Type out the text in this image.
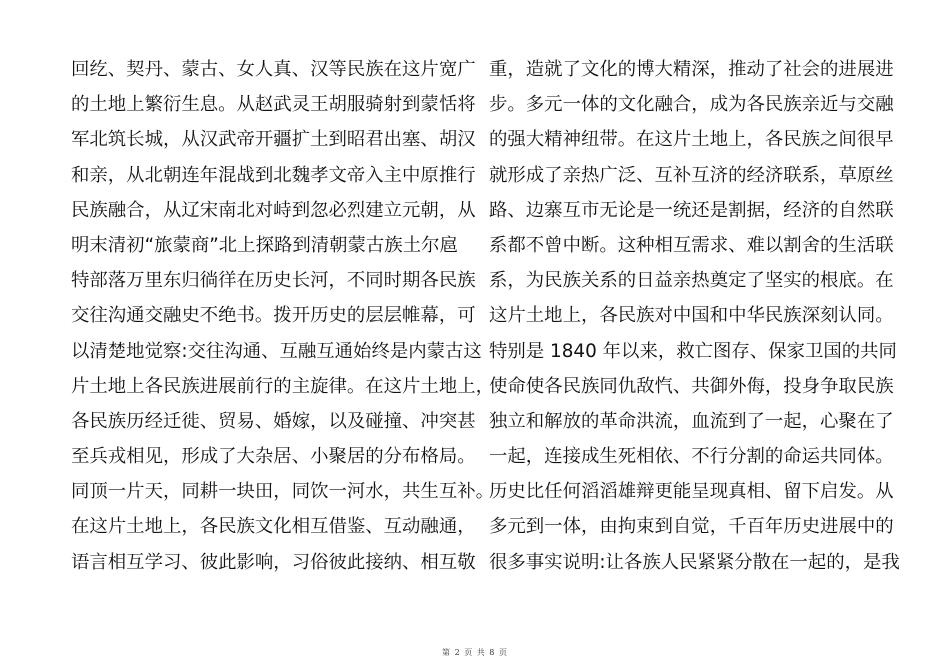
回纥、契丹、蒙古、女人真、汉等民族在这片宽广
的土地上繁衍生息。从赵武灵王胡服骑射到蒙恬将
军北筑长城，从汉武帝开疆扩土到昭君出塞、胡汉
和亲，从北朝连年混战到北魏孝文帝入主中原推行
民族融合，从辽宋南北对峙到忽必烈建立元朝，从
明末清初“旅蒙商”北上探路到清朝蒙古族土尔扈
特部落万里东归徜徉在历史长河，不同时期各民族
交往沟通交融史不绝书。拨开历史的层层帷幕，可
以清楚地觉察:交往沟通、互融互通始终是内蒙古这
片土地上各民族进展前行的主旋律。在这片土地上，
各民族历经迁徙、贸易、婚嫁，以及碰撞、冲突甚
至兵戎相见，形成了大杂居、小聚居的分布格局。
同顶一片天，同耕一块田，同饮一河水，共生互补。
在这片土地上，各民族文化相互借鉴、互动融通，
语言相互学习、彼此影响，习俗彼此接纳、相互敬
重，造就了文化的博大精深，推动了社会的进展进
步。多元一体的文化融合，成为各民族亲近与交融
的强大精神纽带。在这片土地上，各民族之间很早
就形成了亲热广泛、互补互济的经济联系，草原丝
路、边寨互市无论是一统还是割据，经济的自然联
系都不曾中断。这种相互需求、难以割舍的生活联
系，为民族关系的日益亲热奠定了坚实的根底。在
这片土地上，各民族对中国和中华民族深刻认同。
特别是 1840 年以来，救亡图存、保家卫国的共同
使命使各民族同仇敌忾、共御外侮，投身争取民族
独立和解放的革命洪流，血流到了一起，心聚在了
一起，连接成生死相依、不行分割的命运共同体。
历史比任何滔滔雄辩更能呈现真相、留下启发。从
多元到一体，由拘束到自觉，千百年历史进展中的
很多事实说明:让各族人民紧紧分散在一起的，是我
第 2 页 共 8 页
